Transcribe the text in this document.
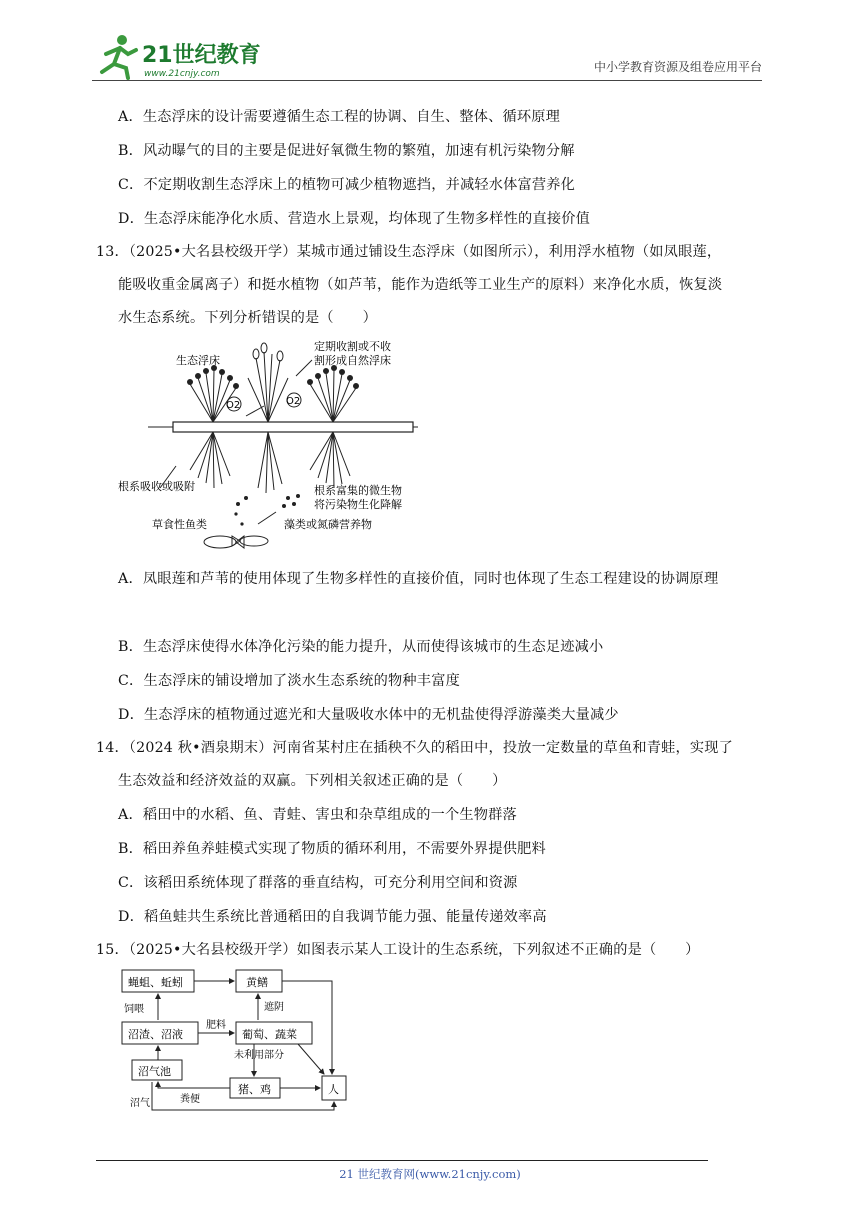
21世纪教育
www.21cnjy.com	中小学教育资源及组卷应用平台
A．生态浮床的设计需要遵循生态工程的协调、自生、整体、循环原理
B．风动曝气的目的主要是促进好氧微生物的繁殖，加速有机污染物分解
C．不定期收割生态浮床上的植物可减少植物遮挡，并减轻水体富营养化
D．生态浮床能净化水质、营造水上景观，均体现了生物多样性的直接价值
13．（2025•大名县校级开学）某城市通过铺设生态浮床（如图所示），利用浮水植物（如凤眼莲，
能吸收重金属离子）和挺水植物（如芦苇，能作为造纸等工业生产的原料）来净化水质，恢复淡
水生态系统。下列分析错误的是（　　）
O2	O2
生态浮床
定期收割或不收
割形成自然浮床
根系吸收或吸附	根系富集的微生物
将污染物生化降解
草食性鱼类	藻类或氮磷营养物
A．凤眼莲和芦苇的使用体现了生物多样性的直接价值，同时也体现了生态工程建设的协调原理
B．生态浮床使得水体净化污染的能力提升，从而使得该城市的生态足迹减小
C．生态浮床的铺设增加了淡水生态系统的物种丰富度
D．生态浮床的植物通过遮光和大量吸收水体中的无机盐使得浮游藻类大量减少
14．（2024 秋•酒泉期末）河南省某村庄在插秧不久的稻田中，投放一定数量的草鱼和青蛙，实现了
生态效益和经济效益的双赢。下列相关叙述正确的是（　　）
A．稻田中的水稻、鱼、青蛙、害虫和杂草组成的一个生物群落
B．稻田养鱼养蛙模式实现了物质的循环利用，不需要外界提供肥料
C．该稻田系统体现了群落的垂直结构，可充分利用空间和资源
D．稻鱼蛙共生系统比普通稻田的自我调节能力强、能量传递效率高
15．（2025•大名县校级开学）如图表示某人工设计的生态系统，下列叙述不正确的是（　　）
蝇蛆、蚯蚓	黄鳝
沼渣、沼液	葡萄、蔬菜
沼气池
猪、鸡	人
饲喂
肥料
遮阴
未利用部分
粪便
沼气
21 世纪教育网(www.21cnjy.com)
